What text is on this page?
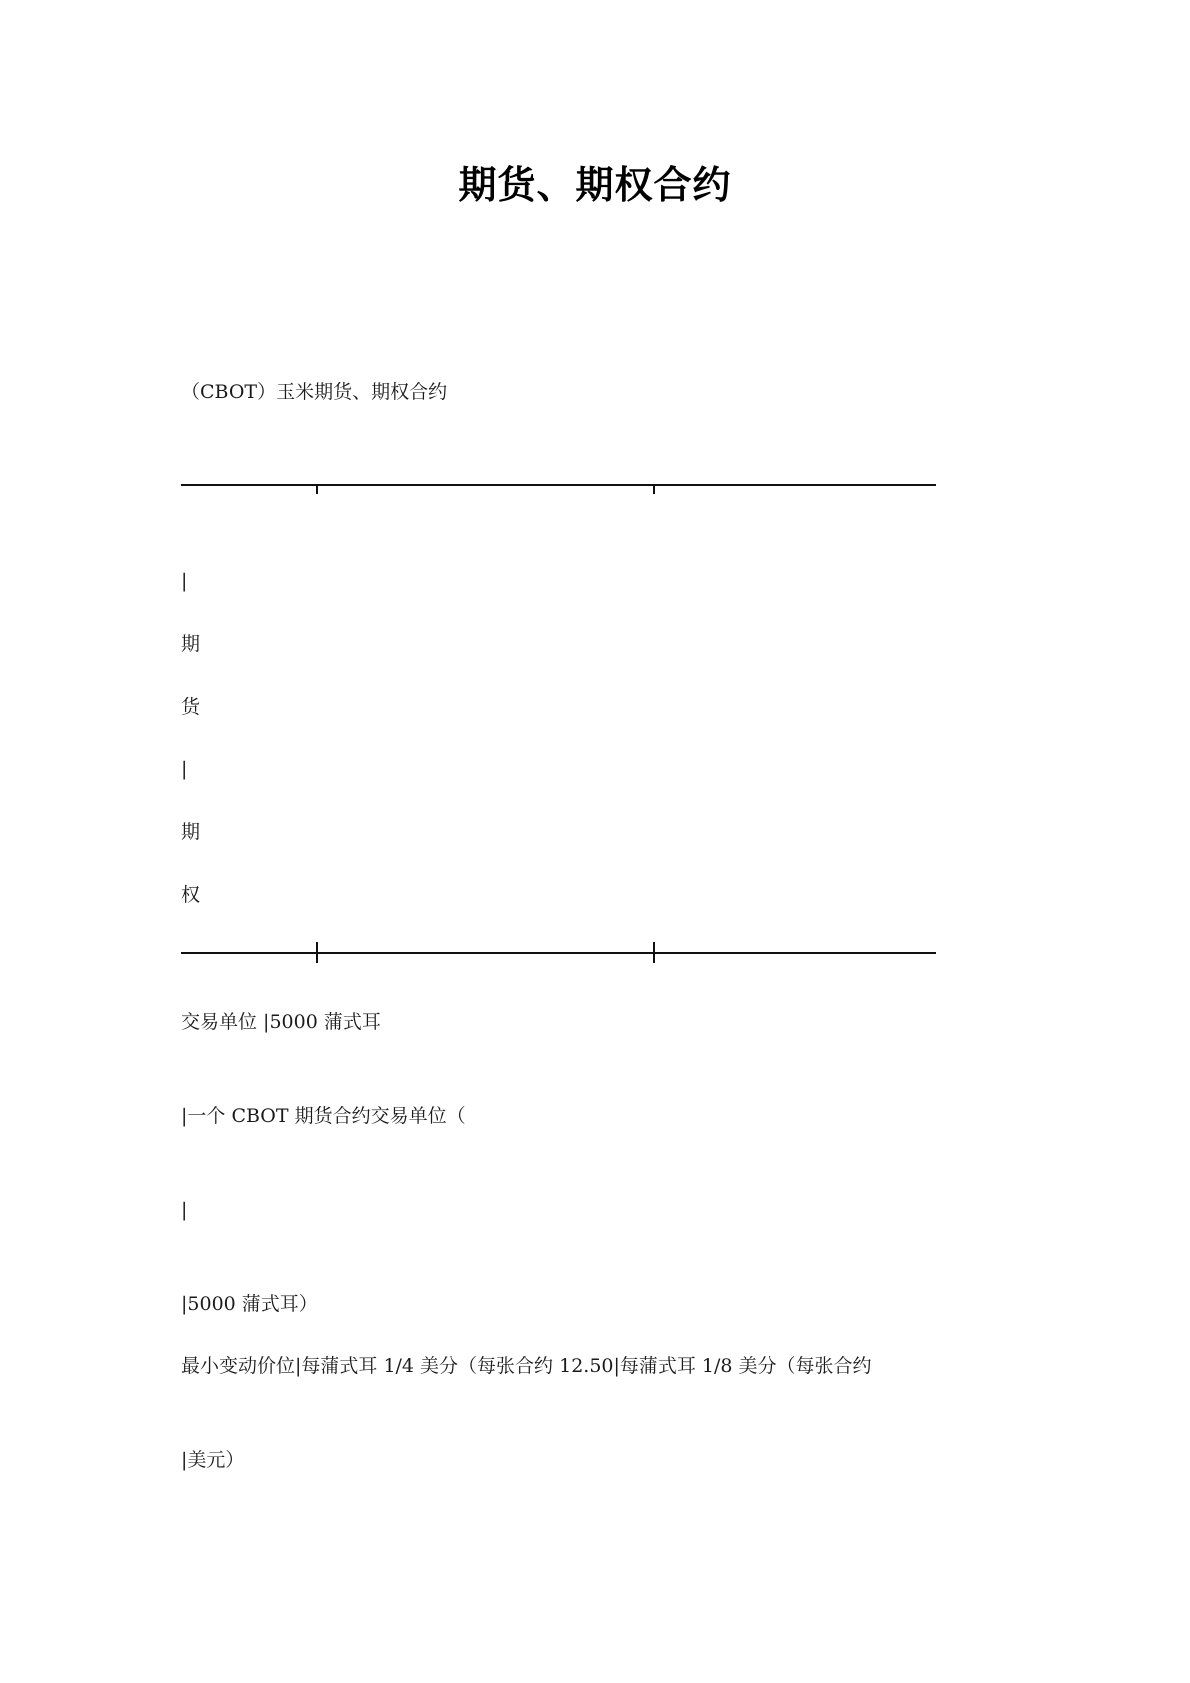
期货、期权合约
（CBOT）玉米期货、期权合约
|
期
货
|
期
权
交易单位 |5000 蒲式耳
|一个 CBOT 期货合约交易单位（
|
|5000 蒲式耳）
最小变动价位|每蒲式耳 1/4 美分（每张合约 12.50|每蒲式耳 1/8 美分（每张合约
|美元）
